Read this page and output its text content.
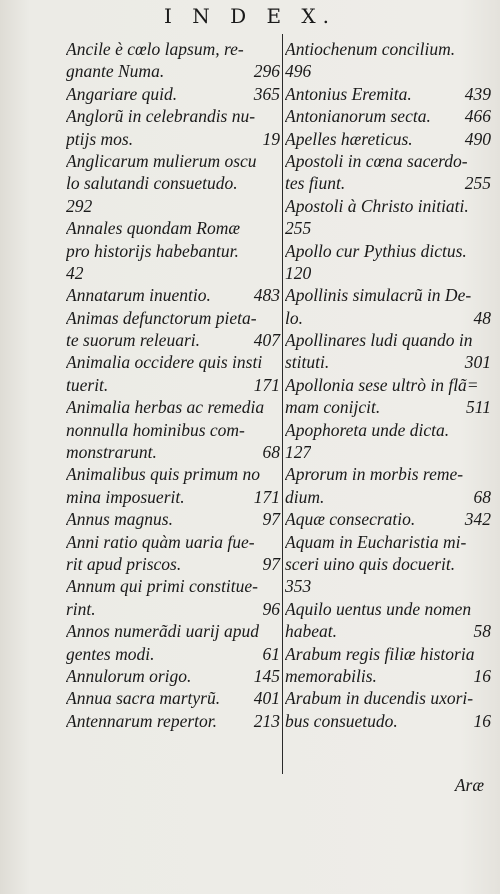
I N D E X.
Ancile è cœlo lapsum, re-
gnante Numa.	296
Angariare quid.	365
Anglorũ in celebrandis nu-
ptijs mos.	19
Anglicarum mulierum oscu
lo salutandi consuetudo.
292
Annales quondam Romæ
pro historijs habebantur.
42
Annatarum inuentio. 483
Animas defunctorum pieta-
te suorum releuari.	407
Animalia occidere quis insti
tuerit.	171
Animalia herbas ac remedia
nonnulla hominibus com-
monstrarunt.	68
Animalibus quis primum no
mina imposuerit.	171
Annus magnus.	97
Anni ratio quàm uaria fue-
rit apud priscos.	97
Annum qui primi constitue-
rint.	96
Annos numerãdi uarij apud
gentes modi.	61
Annulorum origo.	145
Annua sacra martyrũ. 401
Antennarum repertor. 213
Antiochenum concilium.
496
Antonius Eremita.	439
Antonianorum secta. 466
Apelles hæreticus.	490
Apostoli in cœna sacerdo-
tes fiunt.	255
Apostoli à Christo initiati.
255
Apollo cur Pythius dictus.
120
Apollinis simulacrũ in De-
lo.	48
Apollinares ludi quando in
stituti.	301
Apollonia sese ultrò in flã=
mam conijcit.	511
Apophoreta unde dicta.
127
Aprorum in morbis reme-
dium.	68
Aquæ consecratio.	342
Aquam in Eucharistia mi-
sceri uino quis docuerit.
353
Aquilo uentus unde nomen
habeat.	58
Arabum regis filiæ historia
memorabilis.	16
Arabum in ducendis uxori-
bus consuetudo.	16
Aræ
